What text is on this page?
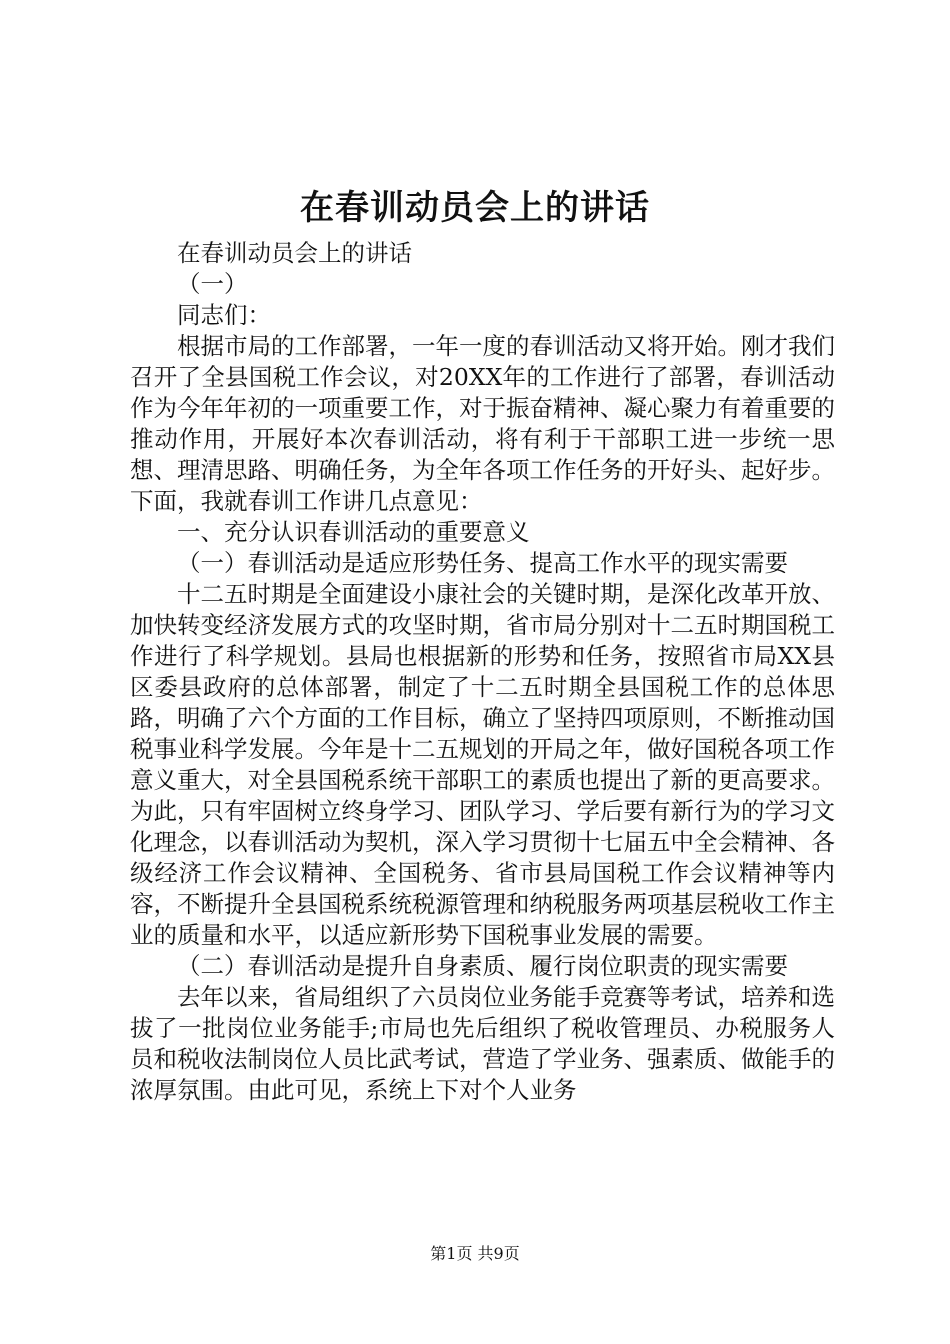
在春训动员会上的讲话

在春训动员会上的讲话

（一）

同志们：

根据市局的工作部署，一年一度的春训活动又将开始。刚才我们召开了全县国税工作会议，对20XX年的工作进行了部署，春训活动作为今年年初的一项重要工作，对于振奋精神、凝心聚力有着重要的推动作用，开展好本次春训活动，将有利于干部职工进一步统一思想、理清思路、明确任务，为全年各项工作任务的开好头、起好步。下面，我就春训工作讲几点意见：

一、充分认识春训活动的重要意义

（一）春训活动是适应形势任务、提高工作水平的现实需要

十二五时期是全面建设小康社会的关键时期，是深化改革开放、加快转变经济发展方式的攻坚时期，省市局分别对十二五时期国税工作进行了科学规划。县局也根据新的形势和任务，按照省市局XX县区委县政府的总体部署，制定了十二五时期全县国税工作的总体思路，明确了六个方面的工作目标，确立了坚持四项原则，不断推动国税事业科学发展。今年是十二五规划的开局之年，做好国税各项工作意义重大，对全县国税系统干部职工的素质也提出了新的更高要求。为此，只有牢固树立终身学习、团队学习、学后要有新行为的学习文化理念，以春训活动为契机，深入学习贯彻十七届五中全会精神、各级经济工作会议精神、全国税务、省市县局国税工作会议精神等内容，不断提升全县国税系统税源管理和纳税服务两项基层税收工作主业的质量和水平，以适应新形势下国税事业发展的需要。

（二）春训活动是提升自身素质、履行岗位职责的现实需要

去年以来，省局组织了六员岗位业务能手竞赛等考试，培养和选拔了一批岗位业务能手;市局也先后组织了税收管理员、办税服务人员和税收法制岗位人员比武考试，营造了学业务、强素质、做能手的浓厚氛围。由此可见，系统上下对个人业务

第1页 共9页
